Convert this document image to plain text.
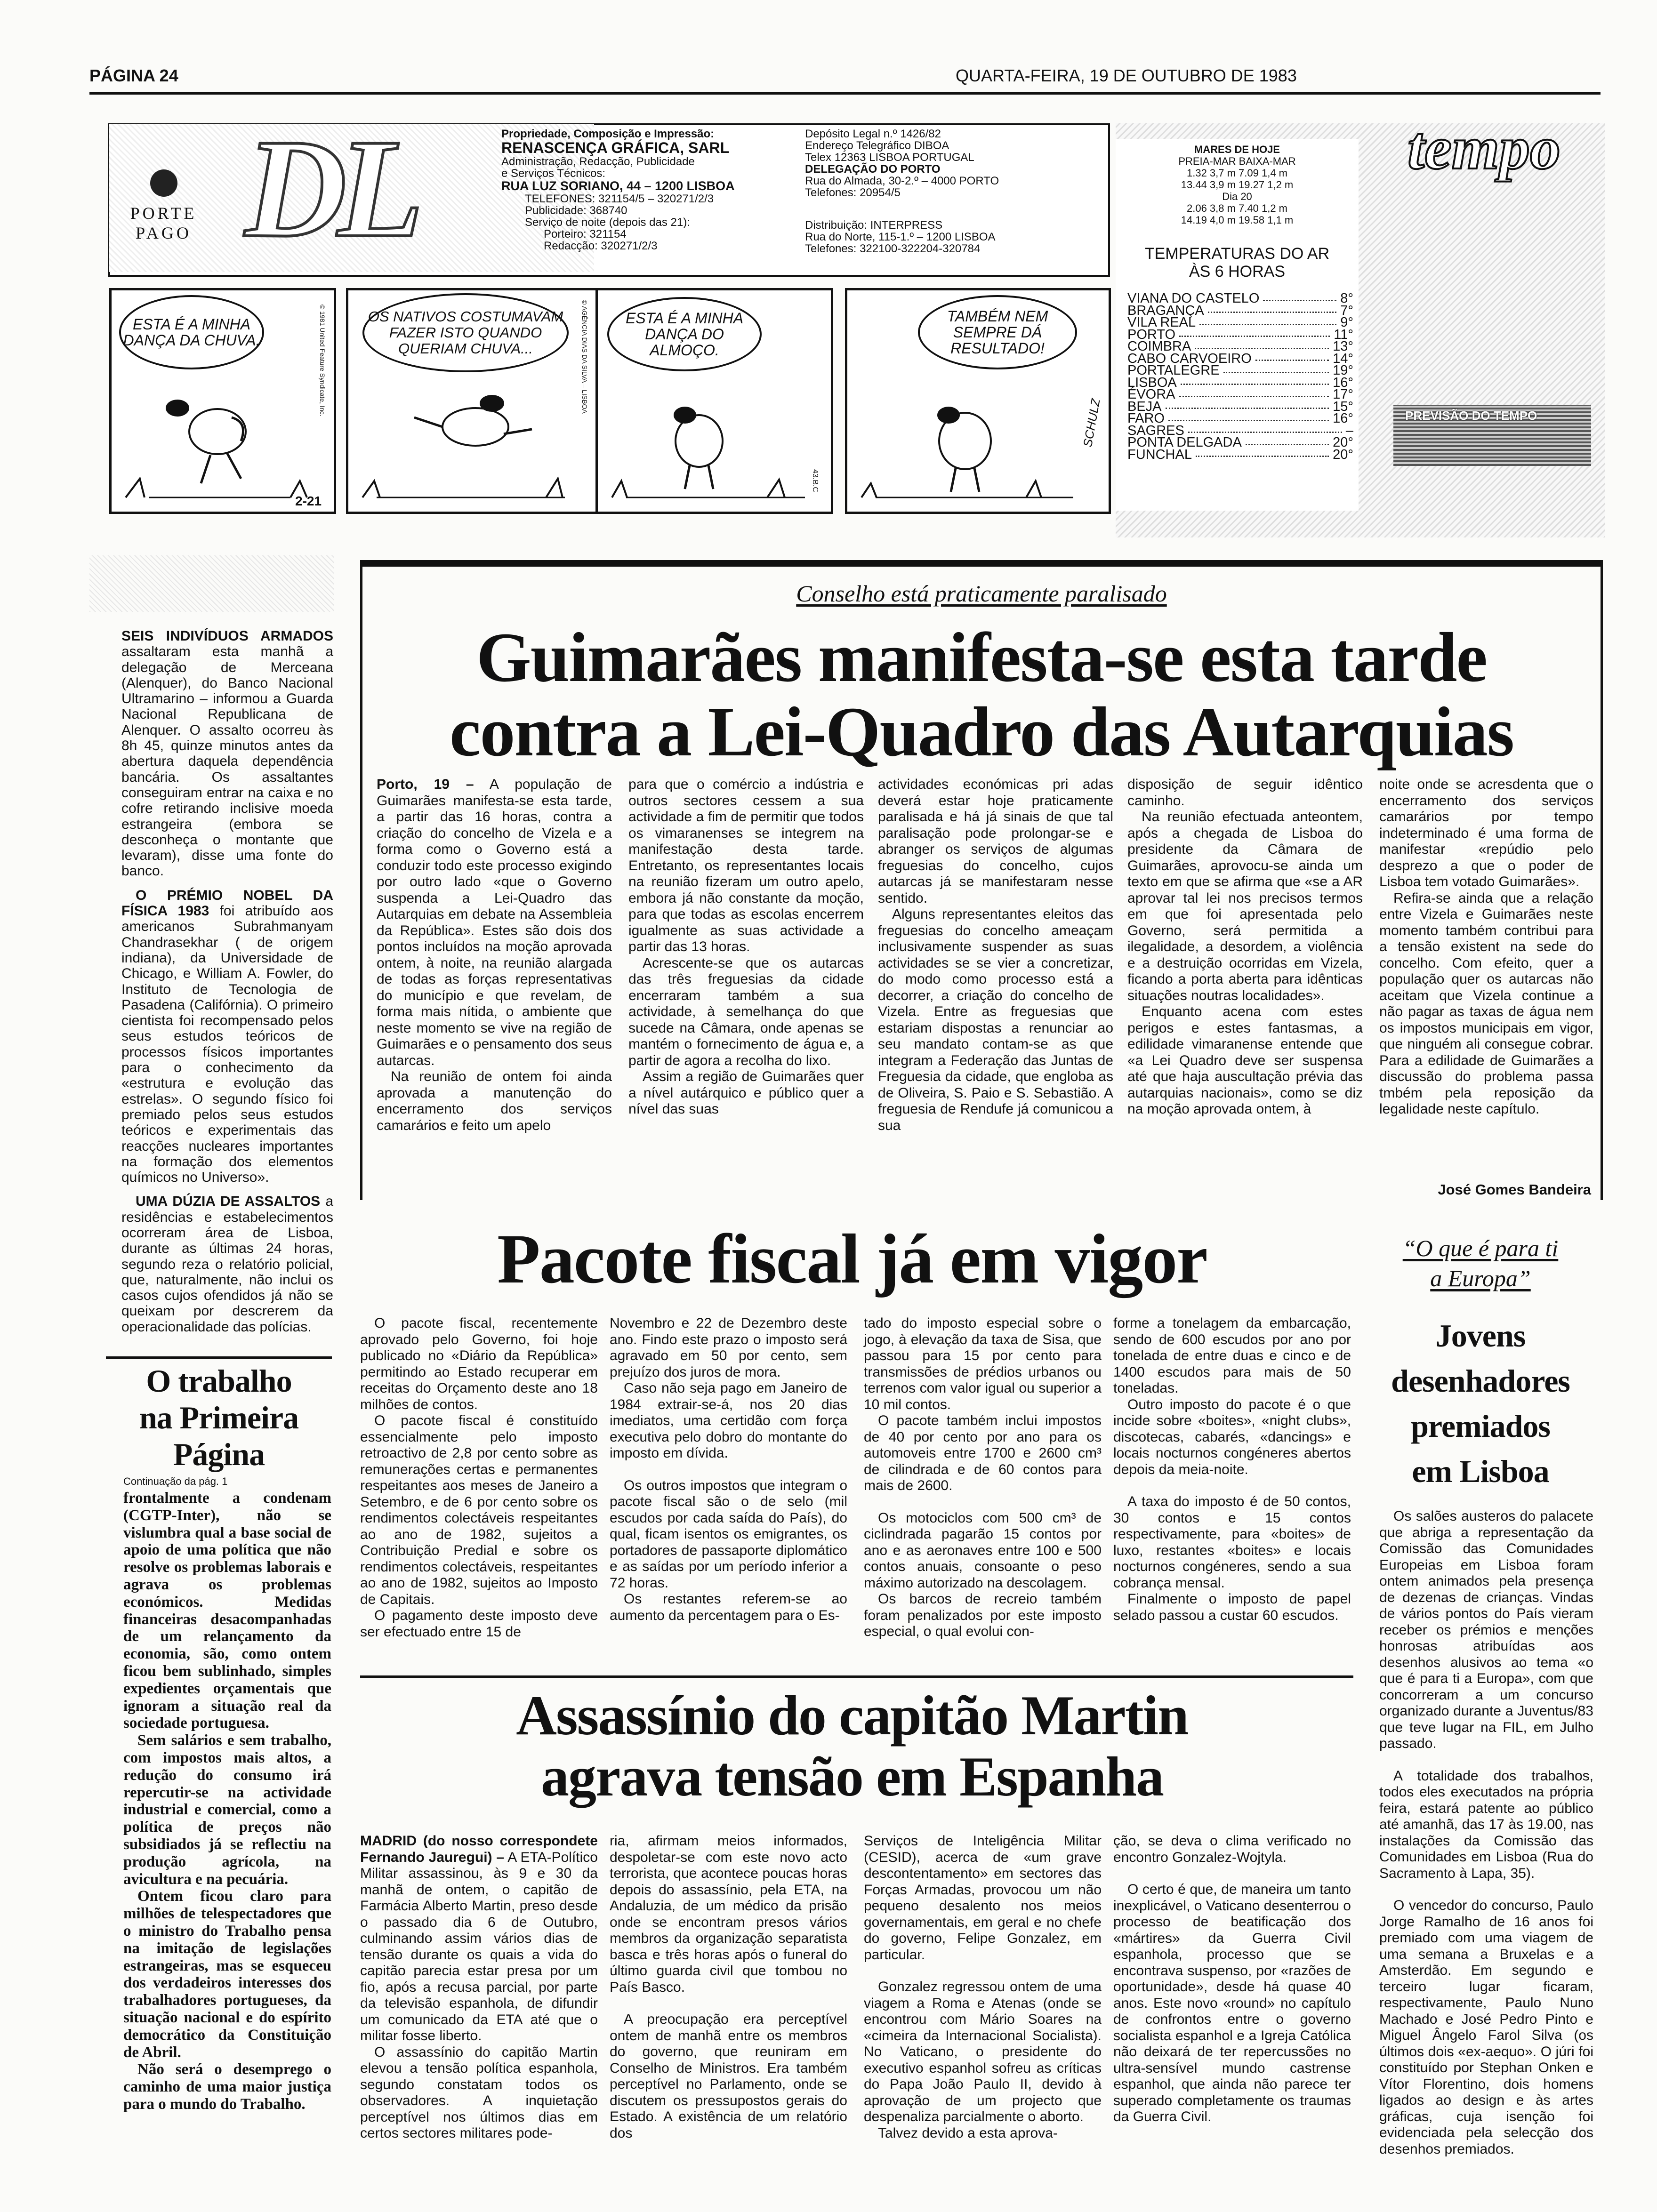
PÁGINA 24	QUARTA-FEIRA, 19 DE OUTUBRO DE 1983
PORTE
PAGO DL	Propriedade, Composição e Impressão:
RENASCENÇA GRÁFICA, SARL
Administração, Redacção, Publicidade
e Serviços Técnicos:
RUA LUZ SORIANO, 44 – 1200 LISBOA
TELEFONES: 321154/5 – 320271/2/3
Publicidade: 368740
Serviço de noite (depois das 21):
Porteiro: 321154
Redacção: 320271/2/3
Depósito Legal n.º 1426/82
Endereço Telegráfico DIBOA
Telex 12363 LISBOA PORTUGAL
DELEGAÇÃO DO PORTO
Rua do Almada, 30-2.º – 4000 PORTO
Telefones: 20954/5
Distribuição: INTERPRESS
Rua do Norte, 115-1.º – 1200 LISBOA
Telefones: 322100-322204-320784
ESTA É A MINHA DANÇA DA CHUVA.	© 1981 United Feature Syndicate, Inc.
2-21
OS NATIVOS COSTUMAVAM FAZER ISTO QUANDO QUERIAM CHUVA...	© AGÊNCIA DIAS DA SILVA – LISBOA	ESTA É A MINHA DANÇA DO ALMOÇO.
43.B.C
TAMBÉM NEM SEMPRE DÁ RESULTADO!
SCHULZ
MARES DE HOJE
PREIA-MAR BAIXA-MAR
1.32 3,7 m 7.09 1,4 m
13.44 3,9 m 19.27 1,2 m
Dia 20
2.06 3,8 m 7.40 1,2 m
14.19 4,0 m 19.58 1,1 m
TEMPERATURAS DO AR
ÀS 6 HORAS
VIANA DO CASTELO	8°
BRAGANÇA	7°
VILA REAL	9°
PORTO	11°
COIMBRA	13°
CABO CARVOEIRO	14°
PORTALEGRE	19°
LISBOA	16°
ÉVORA	17°
BEJA	15°
FARO	16°
SAGRES	–
PONTA DELGADA	20°
FUNCHAL	20°
tempo
PREVISÃO DO TEMPO

SEIS INDIVÍDUOS ARMADOS assaltaram esta manhã a delegação de Merceana (Alenquer), do Banco Nacional Ultramarino – informou a Guarda Nacional Republicana de Alenquer. O assalto ocorreu às 8h 45, quinze minutos antes da abertura daquela dependência bancária. Os assaltantes conseguiram entrar na caixa e no cofre retirando inclisive moeda estrangeira (embora se desconheça o montante que levaram), disse uma fonte do banco.

O PRÉMIO NOBEL DA FÍSICA 1983 foi atribuído aos americanos Subrahmanyam Chandrasekhar ( de origem indiana), da Universidade de Chicago, e William A. Fowler, do Instituto de Tecnologia de Pasadena (Califórnia). O primeiro cientista foi recompensado pelos seus estudos teóricos de processos físicos importantes para o conhecimento da «estrutura e evolução das estrelas». O segundo físico foi premiado pelos seus estudos teóricos e experimentais das reacções nucleares importantes na formação dos elementos químicos no Universo».

UMA DÚZIA DE ASSALTOS a residências e estabelecimentos ocorreram área de Lisboa, durante as últimas 24 horas, segundo reza o relatório policial, que, naturalmente, não inclui os casos cujos ofendidos já não se queixam por descrerem da operacionalidade das polícias.

O trabalho
na Primeira
Página
Continuação da pág. 1

frontalmente a condenam (CGTP-Inter), não se vislumbra qual a base social de apoio de uma política que não resolve os problemas laborais e agrava os problemas económicos. Medidas financeiras desacompanhadas de um relançamento da economia, são, como ontem ficou bem sublinhado, simples expedientes orçamentais que ignoram a situação real da sociedade portuguesa.

Sem salários e sem trabalho, com impostos mais altos, a redução do consumo irá repercutir-se na actividade industrial e comercial, como a política de preços não subsidiados já se reflectiu na produção agrícola, na avicultura e na pecuária.

Ontem ficou claro para milhões de telespectadores que o ministro do Trabalho pensa na imitação de legislações estrangeiras, mas se esqueceu dos verdadeiros interesses dos trabalhadores portugueses, da situação nacional e do espírito democrático da Constituição de Abril.

Não será o desemprego o caminho de uma maior justiça para o mundo do Trabalho.

Conselho está praticamente paralisado
Guimarães manifesta-se esta tarde
contra a Lei-Quadro das Autarquias

Porto, 19 – A população de Guimarães manifesta-se esta tarde, a partir das 16 horas, contra a criação do concelho de Vizela e a forma como o Governo está a conduzir todo este processo exigindo por outro lado «que o Governo suspenda a Lei-Quadro das Autarquias em debate na Assembleia da República». Estes são dois dos pontos incluídos na moção aprovada ontem, à noite, na reunião alargada de todas as forças representativas do município e que revelam, de forma mais nítida, o ambiente que neste momento se vive na região de Guimarães e o pensamento dos seus autarcas.

Na reunião de ontem foi ainda aprovada a manutenção do encerramento dos serviços camarários e feito um apelo

para que o comércio a indústria e outros sectores cessem a sua actividade a fim de permitir que todos os vimaranenses se integrem na manifestação desta tarde. Entretanto, os representantes locais na reunião fizeram um outro apelo, embora já não constante da moção, para que todas as escolas encerrem igualmente as suas actividade a partir das 13 horas.

Acrescente-se que os autarcas das três freguesias da cidade encerraram também a sua actividade, à semelhança do que sucede na Câmara, onde apenas se mantém o fornecimento de água e, a partir de agora a recolha do lixo.

Assim a região de Guimarães quer a nível autárquico e público quer a nível das suas

actividades económicas pri adas deverá estar hoje praticamente paralisada e há já sinais de que tal paralisação pode prolongar-se e abranger os serviços de algumas freguesias do concelho, cujos autarcas já se manifestaram nesse sentido.

Alguns representantes eleitos das freguesias do concelho ameaçam inclusivamente suspender as suas actividades se se vier a concretizar, do modo como processo está a decorrer, a criação do concelho de Vizela. Entre as freguesias que estariam dispostas a renunciar ao seu mandato contam-se as que integram a Federação das Juntas de Freguesia da cidade, que engloba as de Oliveira, S. Paio e S. Sebastião. A freguesia de Rendufe já comunicou a sua

disposição de seguir idêntico caminho.

Na reunião efectuada anteontem, após a chegada de Lisboa do presidente da Câmara de Guimarães, aprovocu-se ainda um texto em que se afirma que «se a AR aprovar tal lei nos precisos termos em que foi apresentada pelo Governo, será permitida a ilegalidade, a desordem, a violência e a destruição ocorridas em Vizela, ficando a porta aberta para idênticas situações noutras localidades».

Enquanto acena com estes perigos e estes fantasmas, a edilidade vimaranense entende que «a Lei Quadro deve ser suspensa até que haja auscultação prévia das autarquias nacionais», como se diz na moção aprovada ontem, à

noite onde se acresdenta que o encerramento dos serviços camarários por tempo indeterminado é uma forma de manifestar «repúdio pelo desprezo a que o poder de Lisboa tem votado Guimarães».

Refira-se ainda que a relação entre Vizela e Guimarães neste momento também contribui para a tensão existent na sede do concelho. Com efeito, quer a população quer os autarcas não aceitam que Vizela continue a não pagar as taxas de água nem os impostos municipais em vigor, que ninguém ali consegue cobrar. Para a edilidade de Guimarães a discussão do problema passa tmbém pela reposição da legalidade neste capítulo.

José Gomes Bandeira
Pacote fiscal já em vigor

O pacote fiscal, recentemente aprovado pelo Governo, foi hoje publicado no «Diário da República» permitindo ao Estado recuperar em receitas do Orçamento deste ano 18 milhões de contos.

O pacote fiscal é constituído essencialmente pelo imposto retroactivo de 2,8 por cento sobre as remunerações certas e permanentes respeitantes aos meses de Janeiro a Setembro, e de 6 por cento sobre os rendimentos colectáveis respeitantes ao ano de 1982, sujeitos a Contribuição Predial e sobre os rendimentos colectáveis, respeitantes ao ano de 1982, sujeitos ao Imposto de Capitais.

O pagamento deste imposto deve ser efectuado entre 15 de

Novembro e 22 de Dezembro deste ano. Findo este prazo o imposto será agravado em 50 por cento, sem prejuízo dos juros de mora.

Caso não seja pago em Janeiro de 1984 extrair-se-á, nos 20 dias imediatos, uma certidão com força executiva pelo dobro do montante do imposto em dívida.

Os outros impostos que integram o pacote fiscal são o de selo (mil escudos por cada saída do País), do qual, ficam isentos os emigrantes, os portadores de passaporte diplomático e as saídas por um período inferior a 72 horas.

Os restantes referem-se ao aumento da percentagem para o Es-

tado do imposto especial sobre o jogo, à elevação da taxa de Sisa, que passou para 15 por cento para transmissões de prédios urbanos ou terrenos com valor igual ou superior a 10 mil contos.

O pacote também inclui impostos de 40 por cento por ano para os automoveis entre 1700 e 2600 cm³ de cilindrada e de 60 contos para mais de 2600.

Os motociclos com 500 cm³ de ciclindrada pagarão 15 contos por ano e as aeronaves entre 100 e 500 contos anuais, consoante o peso máximo autorizado na descolagem.

Os barcos de recreio também foram penalizados por este imposto especial, o qual evolui con-

forme a tonelagem da embarcação, sendo de 600 escudos por ano por tonelada de entre duas e cinco e de 1400 escudos para mais de 50 toneladas.

Outro imposto do pacote é o que incide sobre «boites», «night clubs», discotecas, cabarés, «dancings» e locais nocturnos congéneres abertos depois da meia-noite.

A taxa do imposto é de 50 contos, 30 contos e 15 contos respectivamente, para «boites» de luxo, restantes «boites» e locais nocturnos congéneres, sendo a sua cobrança mensal.

Finalmente o imposto de papel selado passou a custar 60 escudos.

“O que é para ti
a Europa”
Jovens
desenhadores
premiados
em Lisboa

Os salões austeros do palacete que abriga a representação da Comissão das Comunidades Europeias em Lisboa foram ontem animados pela presença de dezenas de crianças. Vindas de vários pontos do País vieram receber os prémios e menções honrosas atribuídas aos desenhos alusivos ao tema «o que é para ti a Europa», com que concorreram a um concurso organizado durante a Juventus/83 que teve lugar na FIL, em Julho passado.

A totalidade dos trabalhos, todos eles executados na própria feira, estará patente ao público até amanhã, das 17 às 19.00, nas instalações da Comissão das Comunidades em Lisboa (Rua do Sacramento à Lapa, 35).

O vencedor do concurso, Paulo Jorge Ramalho de 16 anos foi premiado com uma viagem de uma semana a Bruxelas e a Amsterdão. Em segundo e terceiro lugar ficaram, respectivamente, Paulo Nuno Machado e José Pedro Pinto e Miguel Ângelo Farol Silva (os últimos dois «ex-aequo». O júri foi constituído por Stephan Onken e Vítor Florentino, dois homens ligados ao design e às artes gráficas, cuja isenção foi evidenciada pela selecção dos desenhos premiados.

Assassínio do capitão Martin
agrava tensão em Espanha

MADRID (do nosso correspondete Fernando Jauregui) – A ETA-Político Militar assassinou, às 9 e 30 da manhã de ontem, o capitão de Farmácia Alberto Martin, preso desde o passado dia 6 de Outubro, culminando assim vários dias de tensão durante os quais a vida do capitão parecia estar presa por um fio, após a recusa parcial, por parte da televisão espanhola, de difundir um comunicado da ETA até que o militar fosse liberto.

O assassínio do capitão Martin elevou a tensão política espanhola, segundo constatam todos os observadores. A inquietação perceptível nos últimos dias em certos sectores militares pode-

ria, afirmam meios informados, despoletar-se com este novo acto terrorista, que acontece poucas horas depois do assassínio, pela ETA, na Andaluzia, de um médico da prisão onde se encontram presos vários membros da organização separatista basca e três horas após o funeral do último guarda civil que tombou no País Basco.

A preocupação era perceptível ontem de manhã entre os membros do governo, que reuniram em Conselho de Ministros. Era também perceptível no Parlamento, onde se discutem os pressupostos gerais do Estado. A existência de um relatório dos

Serviços de Inteligência Militar (CESID), acerca de «um grave descontentamento» em sectores das Forças Armadas, provocou um não pequeno desalento nos meios governamentais, em geral e no chefe do governo, Felipe Gonzalez, em particular.

Gonzalez regressou ontem de uma viagem a Roma e Atenas (onde se encontrou com Mário Soares na «cimeira da Internacional Socialista). No Vaticano, o presidente do executivo espanhol sofreu as críticas do Papa João Paulo II, devido à aprovação de um projecto que despenaliza parcialmente o aborto.

Talvez devido a esta aprova-

ção, se deva o clima verificado no encontro Gonzalez-Wojtyla.

O certo é que, de maneira um tanto inexplicável, o Vaticano desenterrou o processo de beatificação dos «mártires» da Guerra Civil espanhola, processo que se encontrava suspenso, por «razões de oportunidade», desde há quase 40 anos. Este novo «round» no capítulo de confrontos entre o governo socialista espanhol e a Igreja Católica não deixará de ter repercussões no ultra-sensível mundo castrense espanhol, que ainda não parece ter superado completamente os traumas da Guerra Civil.
